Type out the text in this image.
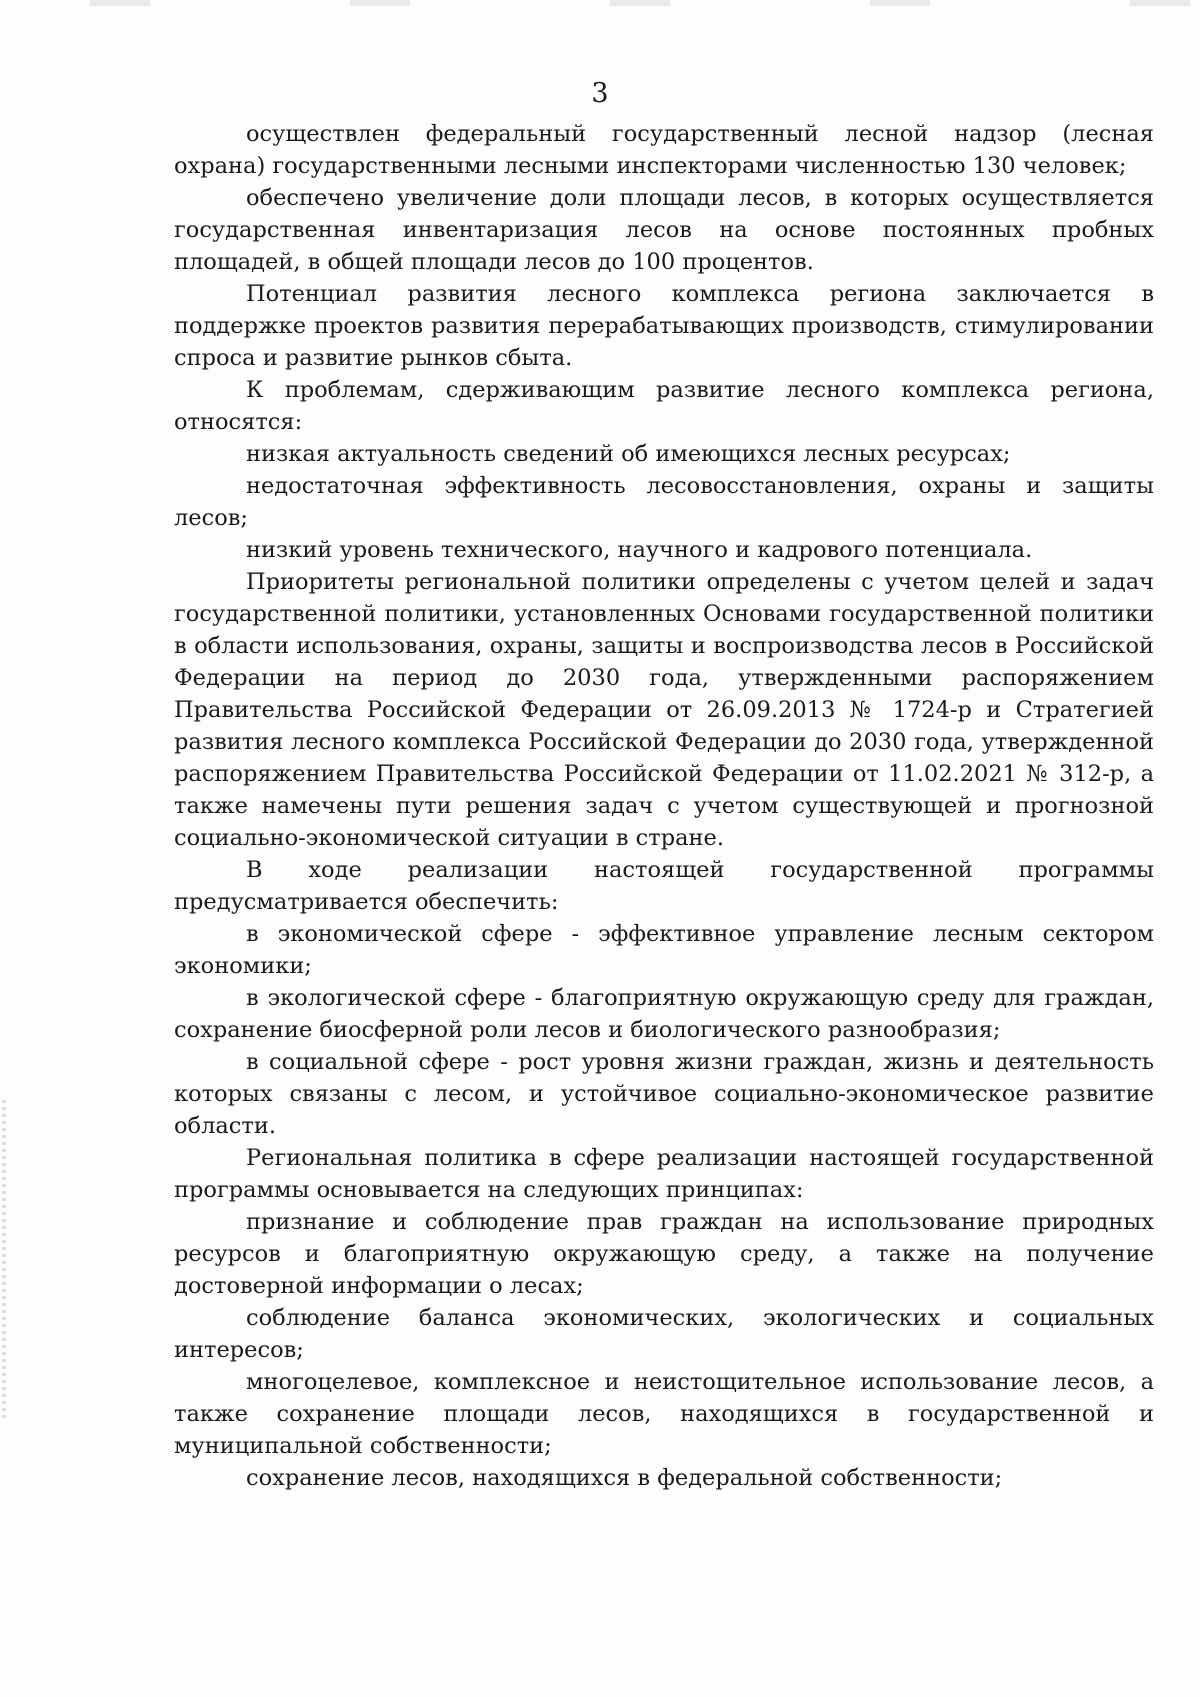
3

осуществлен федеральный государственный лесной надзор (лесная охрана) государственными лесными инспекторами численностью 130 человек;

обеспечено увеличение доли площади лесов, в которых осуществляется государственная инвентаризация лесов на основе постоянных пробных площадей, в общей площади лесов до 100 процентов.

Потенциал развития лесного комплекса региона заключается в поддержке проектов развития перерабатывающих производств, стимулировании спроса и развитие рынков сбыта.

К проблемам, сдерживающим развитие лесного комплекса региона, относятся:

низкая актуальность сведений об имеющихся лесных ресурсах;

недостаточная эффективность лесовосстановления, охраны и защиты лесов;

низкий уровень технического, научного и кадрового потенциала.

Приоритеты региональной политики определены с учетом целей и задач государственной политики, установленных Основами государственной политики в области использования, охраны, защиты и воспроизводства лесов в Российской Федерации на период до 2030 года, утвержденными распоряжением Правительства Российской Федерации от 26.09.2013 № 1724-р и Стратегией развития лесного комплекса Российской Федерации до 2030 года, утвержденной распоряжением Правительства Российской Федерации от 11.02.2021 № 312-р, а также намечены пути решения задач с учетом существующей и прогнозной социально-экономической ситуации в стране.

В ходе реализации настоящей государственной программы предусматривается обеспечить:

в экономической сфере - эффективное управление лесным сектором экономики;

в экологической сфере - благоприятную окружающую среду для граждан, сохранение биосферной роли лесов и биологического разнообразия;

в социальной сфере - рост уровня жизни граждан, жизнь и деятельность которых связаны с лесом, и устойчивое социально-экономическое развитие области.

Региональная политика в сфере реализации настоящей государственной программы основывается на следующих принципах:

признание и соблюдение прав граждан на использование природных ресурсов и благоприятную окружающую среду, а также на получение достоверной информации о лесах;

соблюдение баланса экономических, экологических и социальных интересов;

многоцелевое, комплексное и неистощительное использование лесов, а также сохранение площади лесов, находящихся в государственной и муниципальной собственности;

сохранение лесов, находящихся в федеральной собственности;
